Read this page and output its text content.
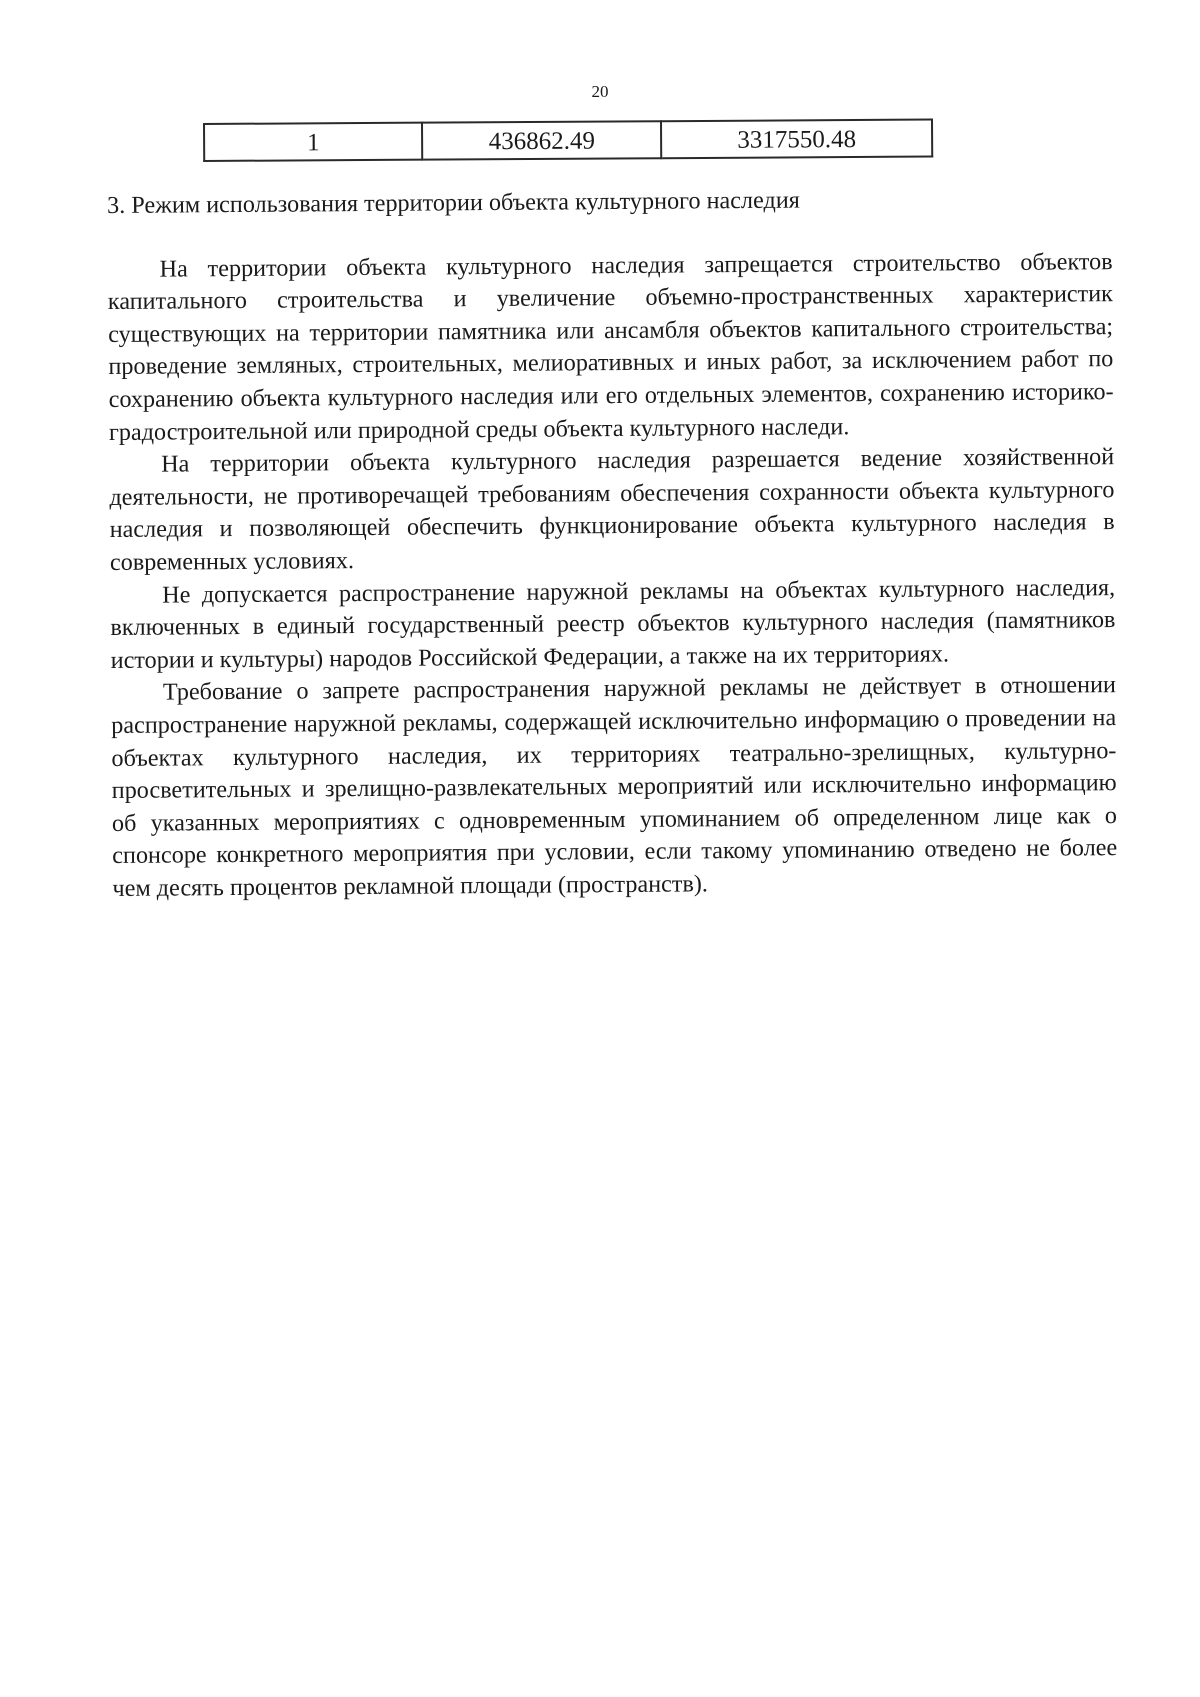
20
1	436862.49	3317550.48

3. Режим использования территории объекта культурного наследия

На территории объекта культурного наследия запрещается строительство объектов капитального строительства и увеличение объемно-пространственных характеристик существующих на территории памятника или ансамбля объектов капитального строительства; проведение земляных, строительных, мелиоративных и иных работ, за исключением работ по сохранению объекта культурного наследия или его отдельных элементов, сохранению историко-градостроительной или природной среды объекта культурного наследи.

На территории объекта культурного наследия разрешается ведение хозяйственной деятельности, не противоречащей требованиям обеспечения сохранности объекта культурного наследия и позволяющей обеспечить функционирование объекта культурного наследия в современных условиях.

Не допускается распространение наружной рекламы на объектах культурного наследия, включенных в единый государственный реестр объектов культурного наследия (памятников истории и культуры) народов Российской Федерации, а также на их территориях.

Требование о запрете распространения наружной рекламы не действует в отношении распространение наружной рекламы, содержащей исключительно информацию о проведении на объектах культурного наследия, их территориях театрально-зрелищных, культурно-просветительных и зрелищно-развлекательных мероприятий или исключительно информацию об указанных мероприятиях с одновременным упоминанием об определенном лице как о спонсоре конкретного мероприятия при условии, если такому упоминанию отведено не более чем десять процентов рекламной площади (пространств).
